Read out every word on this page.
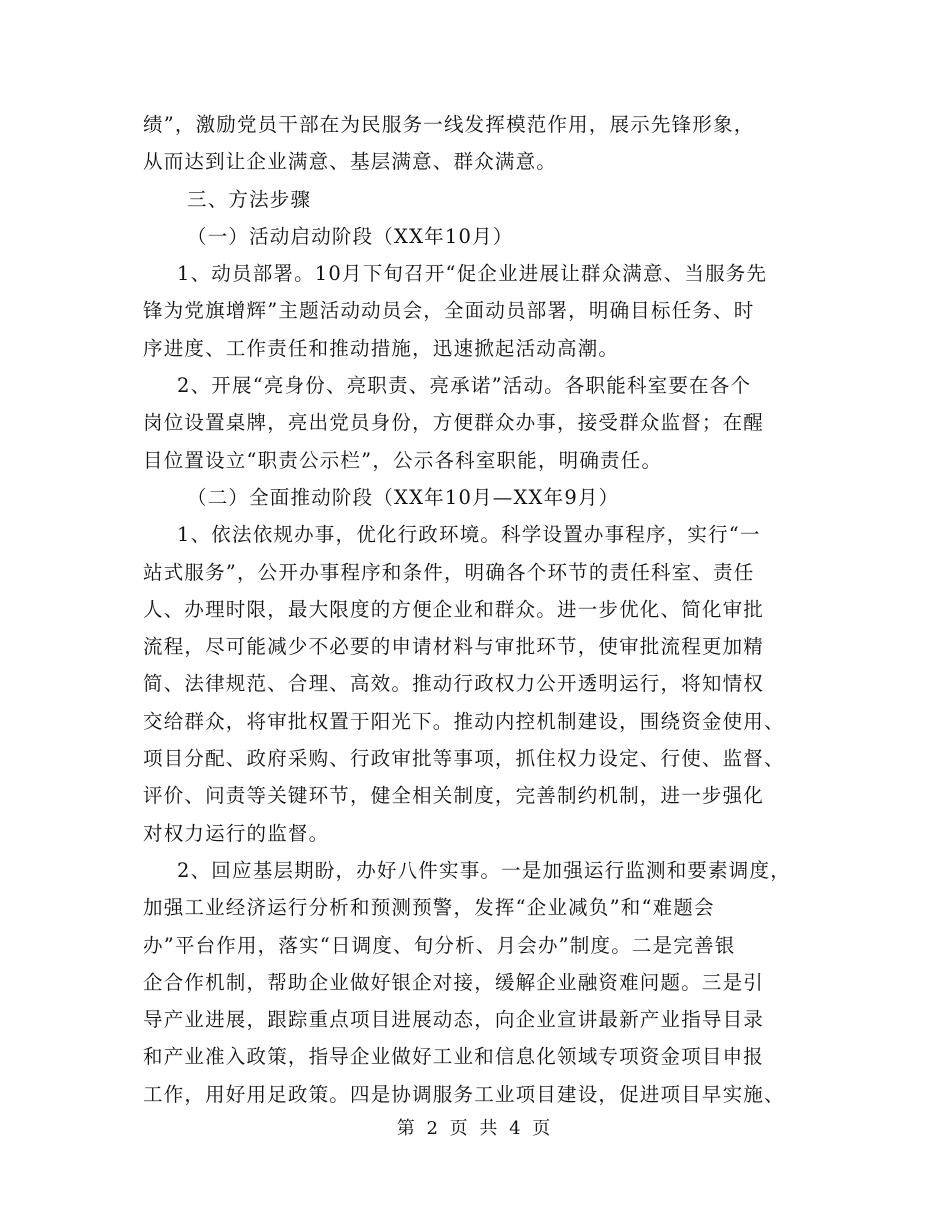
绩”，激励党员干部在为民服务一线发挥模范作用，展示先锋形象，
从而达到让企业满意、基层满意、群众满意。
三、方法步骤
（一）活动启动阶段（XX年10月）
1、动员部署。10月下旬召开“促企业进展让群众满意、当服务先
锋为党旗增辉”主题活动动员会，全面动员部署，明确目标任务、时
序进度、工作责任和推动措施，迅速掀起活动高潮。
2、开展“亮身份、亮职责、亮承诺”活动。各职能科室要在各个
岗位设置桌牌，亮出党员身份，方便群众办事，接受群众监督；在醒
目位置设立“职责公示栏”，公示各科室职能，明确责任。
（二）全面推动阶段（XX年10月—XX年9月）
1、依法依规办事，优化行政环境。科学设置办事程序，实行“一
站式服务”，公开办事程序和条件，明确各个环节的责任科室、责任
人、办理时限，最大限度的方便企业和群众。进一步优化、简化审批
流程，尽可能减少不必要的申请材料与审批环节，使审批流程更加精
简、法律规范、合理、高效。推动行政权力公开透明运行，将知情权
交给群众，将审批权置于阳光下。推动内控机制建设，围绕资金使用、
项目分配、政府采购、行政审批等事项，抓住权力设定、行使、监督、
评价、问责等关键环节，健全相关制度，完善制约机制，进一步强化
对权力运行的监督。
2、回应基层期盼，办好八件实事。一是加强运行监测和要素调度，
加强工业经济运行分析和预测预警，发挥“企业减负”和“难题会
办”平台作用，落实“日调度、旬分析、月会办”制度。二是完善银
企合作机制，帮助企业做好银企对接，缓解企业融资难问题。三是引
导产业进展，跟踪重点项目进展动态，向企业宣讲最新产业指导目录
和产业准入政策，指导企业做好工业和信息化领域专项资金项目申报
工作，用好用足政策。四是协调服务工业项目建设，促进项目早实施、
第 2 页 共 4 页
